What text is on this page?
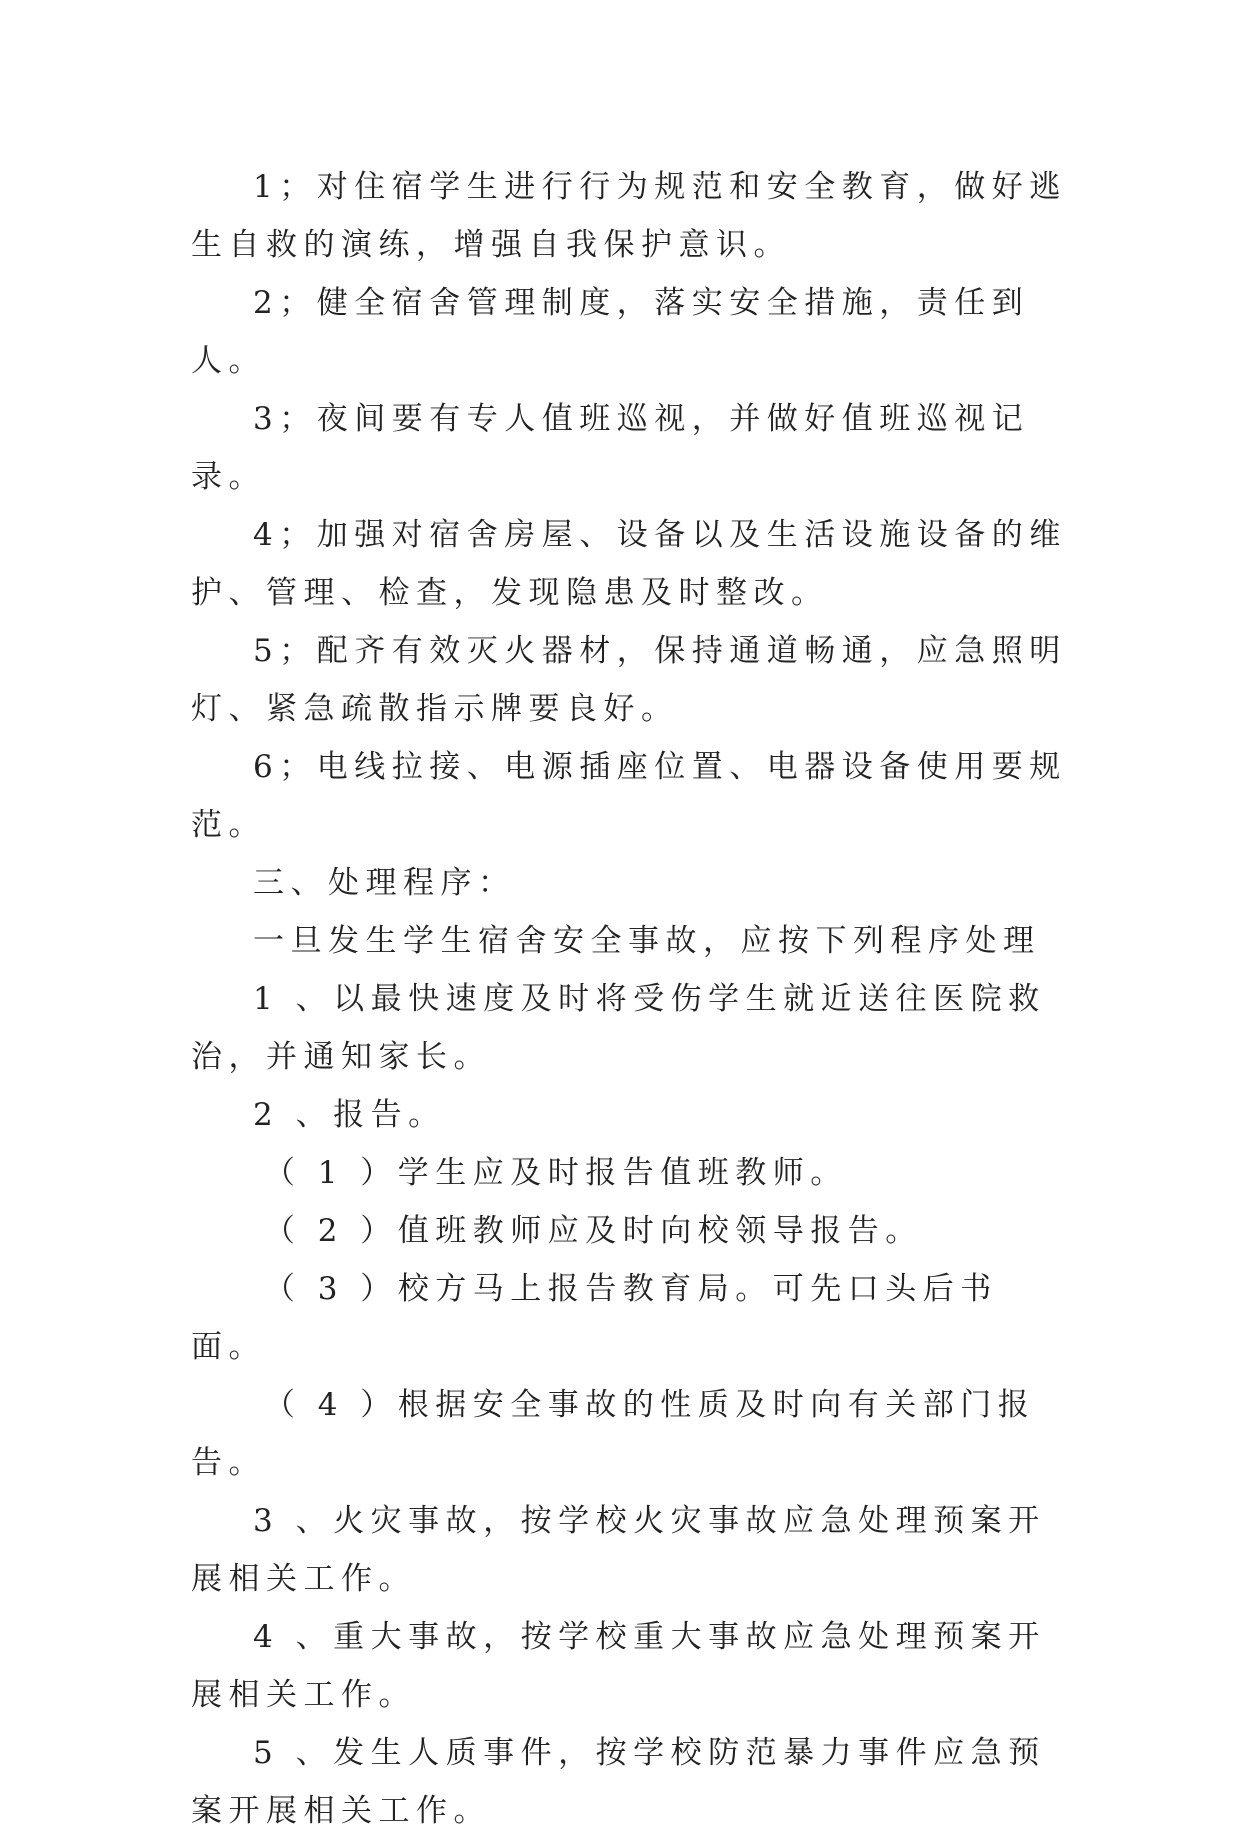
1；对住宿学生进行行为规范和安全教育，做好逃生自救的演练，增强自我保护意识。

2；健全宿舍管理制度，落实安全措施，责任到人。

3；夜间要有专人值班巡视，并做好值班巡视记录。

4；加强对宿舍房屋、设备以及生活设施设备的维护、管理、检查，发现隐患及时整改。

5；配齐有效灭火器材，保持通道畅通，应急照明灯、紧急疏散指示牌要良好。

6；电线拉接、电源插座位置、电器设备使用要规范。

三、处理程序：

一旦发生学生宿舍安全事故，应按下列程序处理

1 、以最快速度及时将受伤学生就近送往医院救治，并通知家长。

2 、报告。

（ 1 ）学生应及时报告值班教师。

（ 2 ）值班教师应及时向校领导报告。

（ 3 ）校方马上报告教育局。可先口头后书面。

（ 4 ）根据安全事故的性质及时向有关部门报告。

3 、火灾事故，按学校火灾事故应急处理预案开展相关工作。

4 、重大事故，按学校重大事故应急处理预案开展相关工作。

5 、发生人质事件，按学校防范暴力事件应急预案开展相关工作。
